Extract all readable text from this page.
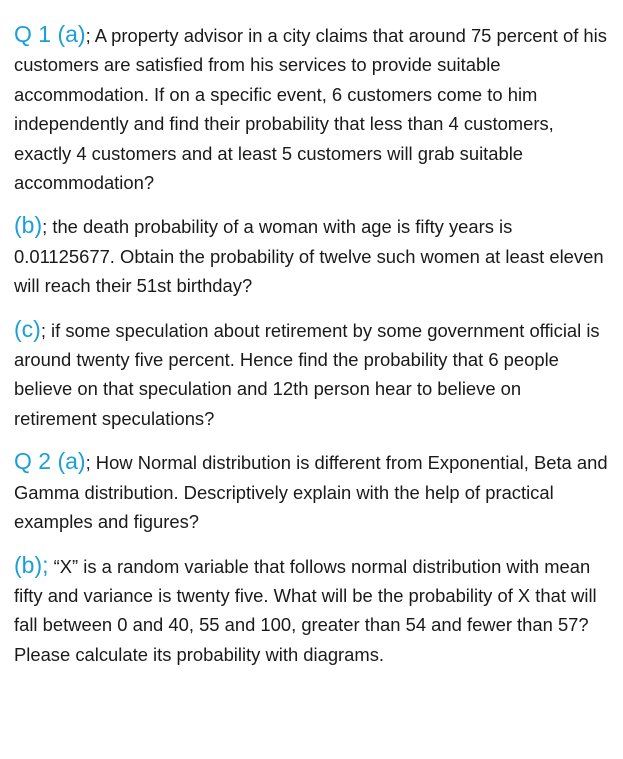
Q 1 (a); A property advisor in a city claims that around 75 percent of his customers are satisfied from his services to provide suitable accommodation. If on a specific event, 6 customers come to him independently and find their probability that less than 4 customers, exactly 4 customers and at least 5 customers will grab suitable accommodation?

(b); the death probability of a woman with age is fifty years is 0.01125677. Obtain the probability of twelve such women at least eleven will reach their 51st birthday?

(c); if some speculation about retirement by some government official is around twenty five percent. Hence find the probability that 6 people believe on that speculation and 12th person hear to believe on retirement speculations?

Q 2 (a); How Normal distribution is different from Exponential, Beta and Gamma distribution. Descriptively explain with the help of practical examples and figures?

(b); “X” is a random variable that follows normal distribution with mean fifty and variance is twenty five. What will be the probability of X that will fall between 0 and 40, 55 and 100, greater than 54 and fewer than 57? Please calculate its probability with diagrams.
